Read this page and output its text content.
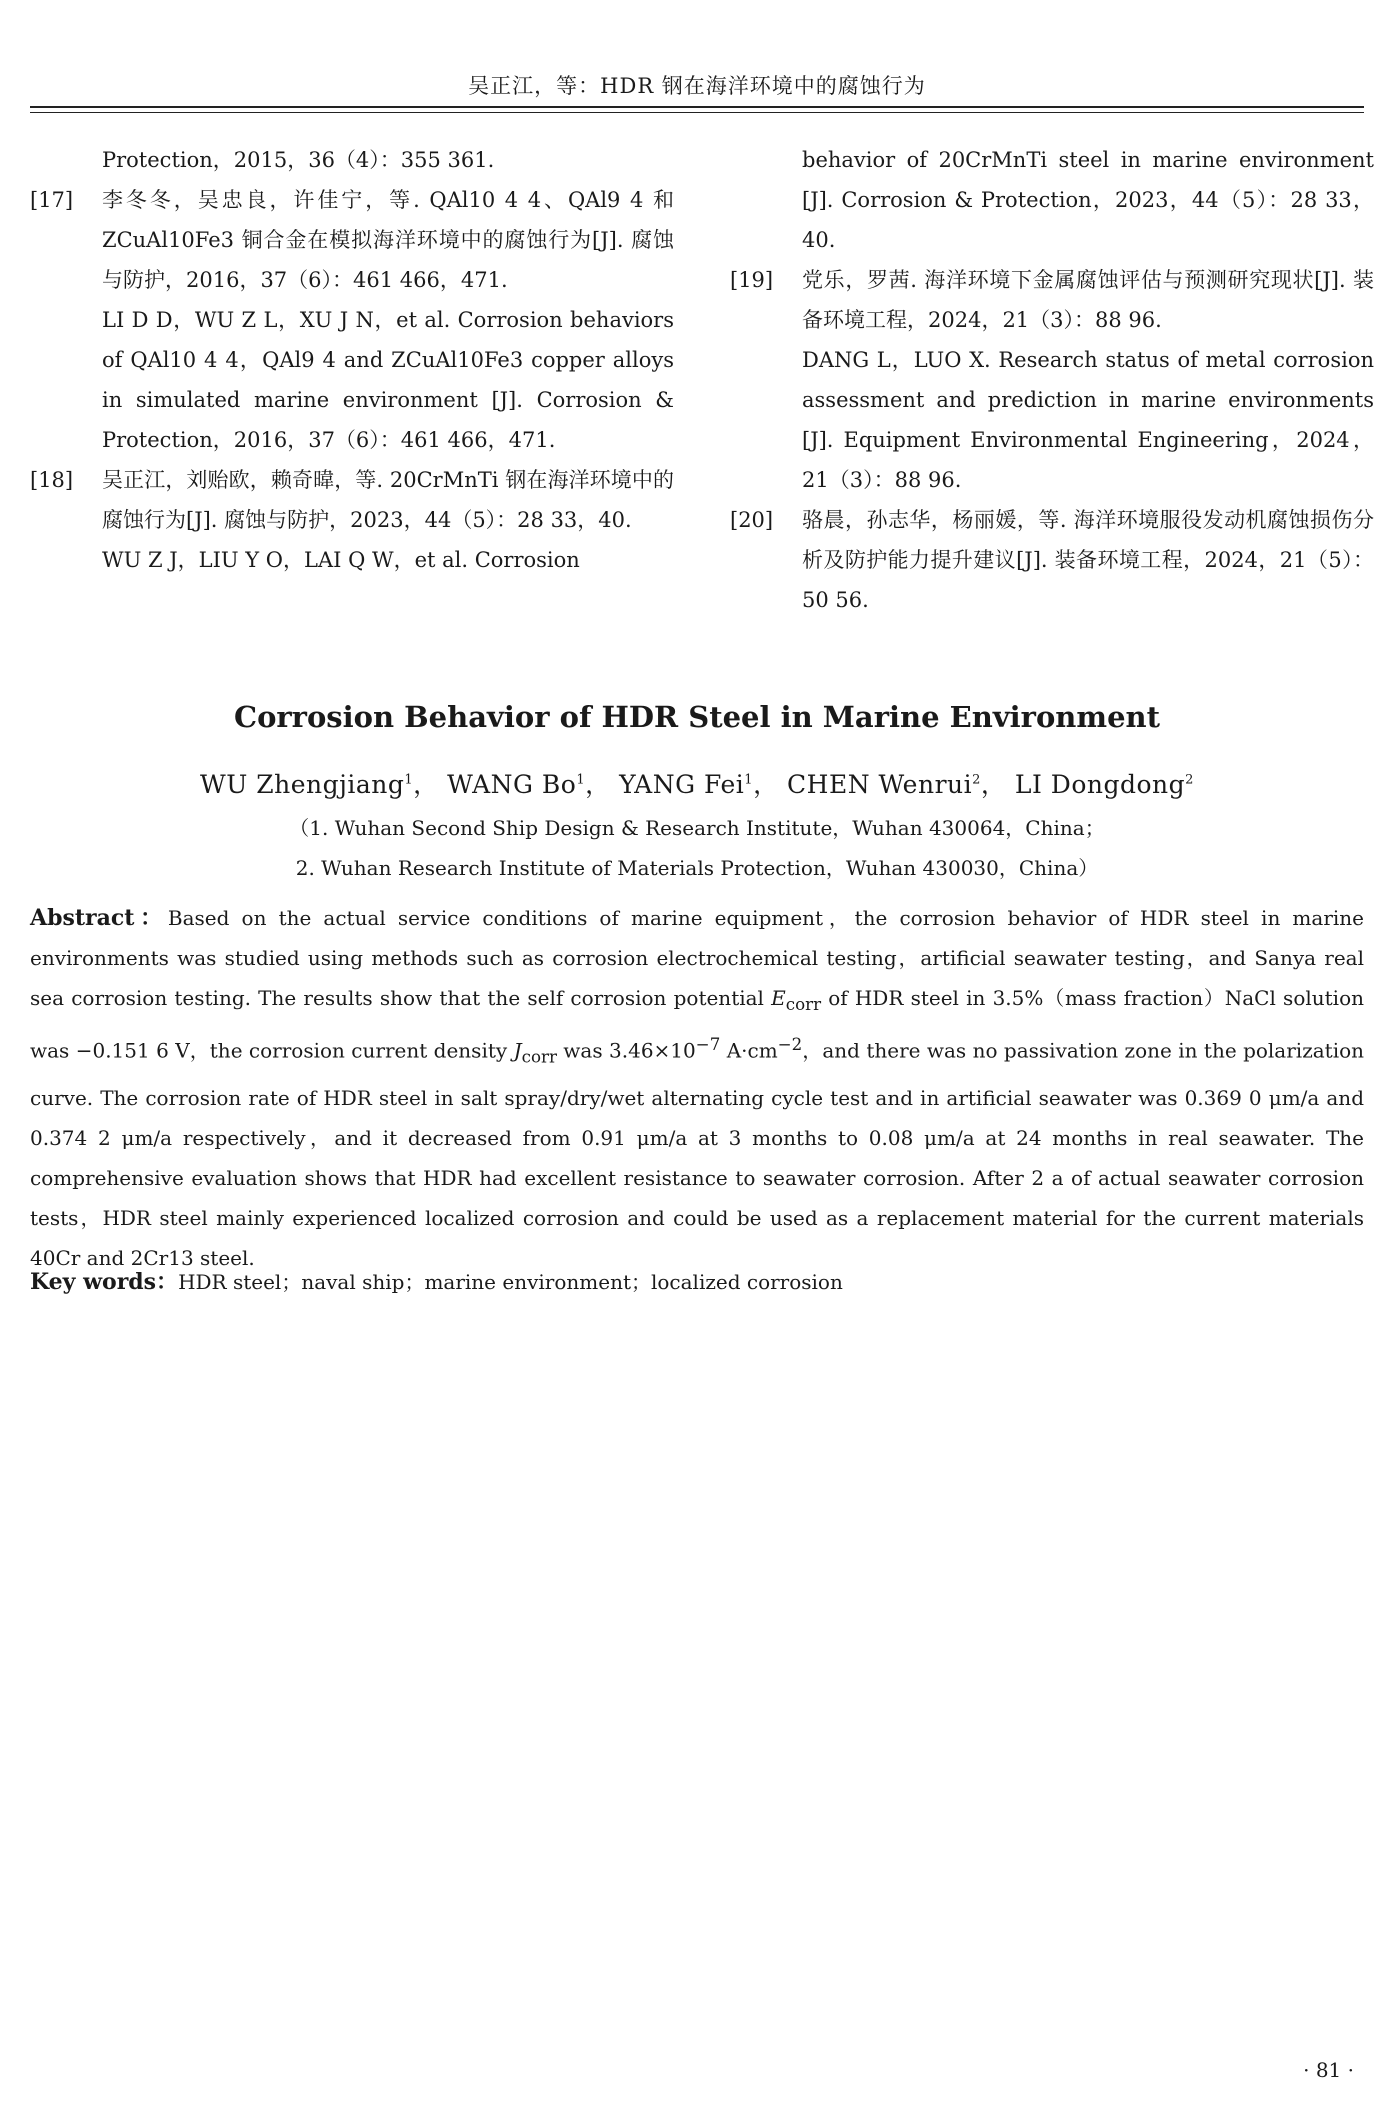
吴正江，等：HDR 钢在海洋环境中的腐蚀行为

Protection，2015，36（4）：355 361.

[17] 李冬冬，吴忠良，许佳宁，等. QAl10 4 4、QAl9 4 和 ZCuAl10Fe3 铜合金在模拟海洋环境中的腐蚀行为[J]. 腐蚀与防护，2016，37（6）：461 466，471.

LI D D，WU Z L，XU J N，et al. Corrosion behaviors of QAl10 4 4，QAl9 4 and ZCuAl10Fe3 copper alloys in simulated marine environment [J]. Corrosion & Protection，2016，37（6）：461 466，471.

[18] 吴正江，刘贻欧，赖奇暐，等. 20CrMnTi 钢在海洋环境中的腐蚀行为[J]. 腐蚀与防护，2023，44（5）：28 33，40.

WU Z J，LIU Y O，LAI Q W，et al. Corrosion

behavior of 20CrMnTi steel in marine environment [J]. Corrosion & Protection，2023，44（5）：28 33，40.

[19] 党乐，罗茜. 海洋环境下金属腐蚀评估与预测研究现状[J]. 装备环境工程，2024，21（3）：88 96.

DANG L，LUO X. Research status of metal corrosion assessment and prediction in marine environments [J]. Equipment Environmental Engineering，2024，21（3）：88 96.

[20] 骆晨，孙志华，杨丽媛，等. 海洋环境服役发动机腐蚀损伤分析及防护能力提升建议[J]. 装备环境工程，2024，21（5）：50 56.

Corrosion Behavior of HDR Steel in Marine Environment
WU Zhengjiang$^1$， WANG Bo$^1$， YANG Fei$^1$， CHEN Wenrui$^2$， LI Dongdong$^2$
（1. Wuhan Second Ship Design & Research Institute，Wuhan 430064，China；
2. Wuhan Research Institute of Materials Protection，Wuhan 430030，China）

Abstract：Based on the actual service conditions of marine equipment，the corrosion behavior of HDR steel in marine environments was studied using methods such as corrosion electrochemical testing，artificial seawater testing，and Sanya real sea corrosion testing. The results show that the self corrosion potential $E_{corr}$ of HDR steel in 3.5%（mass fraction）NaCl solution was −0.151 6 V，the corrosion current density $J_{corr}$ was $3.46\times 10^{-7}$ $A\cdot cm^{-2}$，and there was no passivation zone in the polarization curve. The corrosion rate of HDR steel in salt spray/dry/wet alternating cycle test and in artificial seawater was 0.369 0 μm/a and 0.374 2 μm/a respectively，and it decreased from 0.91 μm/a at 3 months to 0.08 μm/a at 24 months in real seawater. The comprehensive evaluation shows that HDR had excellent resistance to seawater corrosion. After 2 a of actual seawater corrosion tests，HDR steel mainly experienced localized corrosion and could be used as a replacement material for the current materials 40Cr and 2Cr13 steel.

Key words：HDR steel；naval ship；marine environment；localized corrosion

· 81 ·
